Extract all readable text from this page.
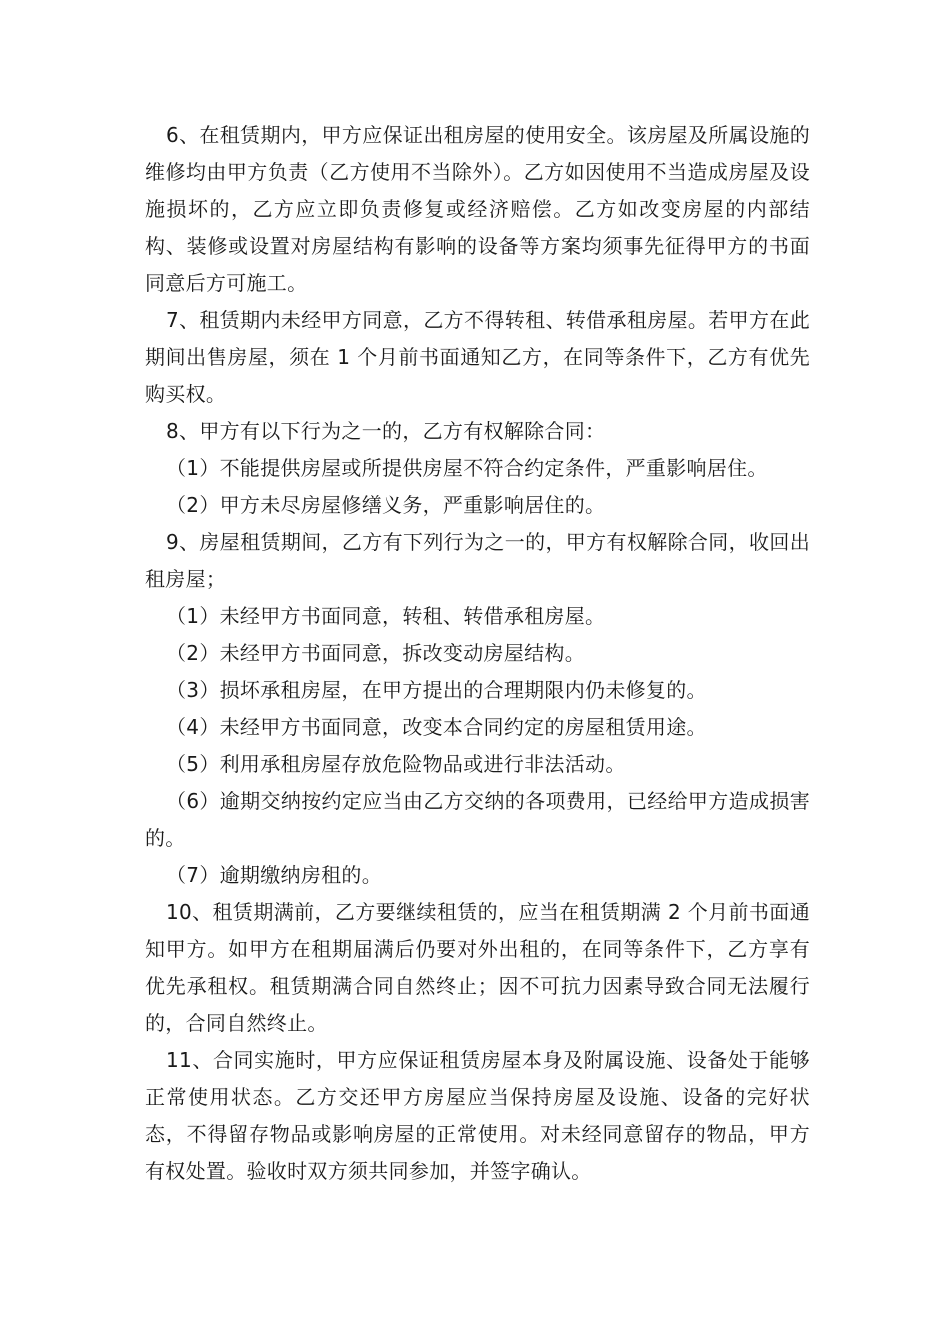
6、在租赁期内，甲方应保证出租房屋的使用安全。该房屋及所属设施的维修均由甲方负责（乙方使用不当除外）。乙方如因使用不当造成房屋及设施损坏的，乙方应立即负责修复或经济赔偿。乙方如改变房屋的内部结构、装修或设置对房屋结构有影响的设备等方案均须事先征得甲方的书面同意后方可施工。

7、租赁期内未经甲方同意，乙方不得转租、转借承租房屋。若甲方在此期间出售房屋，须在 1 个月前书面通知乙方，在同等条件下，乙方有优先购买权。

8、甲方有以下行为之一的，乙方有权解除合同：

（1）不能提供房屋或所提供房屋不符合约定条件，严重影响居住。

（2）甲方未尽房屋修缮义务，严重影响居住的。

9、房屋租赁期间，乙方有下列行为之一的，甲方有权解除合同，收回出租房屋；

（1）未经甲方书面同意，转租、转借承租房屋。

（2）未经甲方书面同意，拆改变动房屋结构。

（3）损坏承租房屋，在甲方提出的合理期限内仍未修复的。

（4）未经甲方书面同意，改变本合同约定的房屋租赁用途。

（5）利用承租房屋存放危险物品或进行非法活动。

（6）逾期交纳按约定应当由乙方交纳的各项费用，已经给甲方造成损害的。

（7）逾期缴纳房租的。

10、租赁期满前，乙方要继续租赁的，应当在租赁期满 2 个月前书面通知甲方。如甲方在租期届满后仍要对外出租的，在同等条件下，乙方享有优先承租权。租赁期满合同自然终止；因不可抗力因素导致合同无法履行的，合同自然终止。

11、合同实施时，甲方应保证租赁房屋本身及附属设施、设备处于能够正常使用状态。乙方交还甲方房屋应当保持房屋及设施、设备的完好状态，不得留存物品或影响房屋的正常使用。对未经同意留存的物品，甲方有权处置。验收时双方须共同参加，并签字确认。
